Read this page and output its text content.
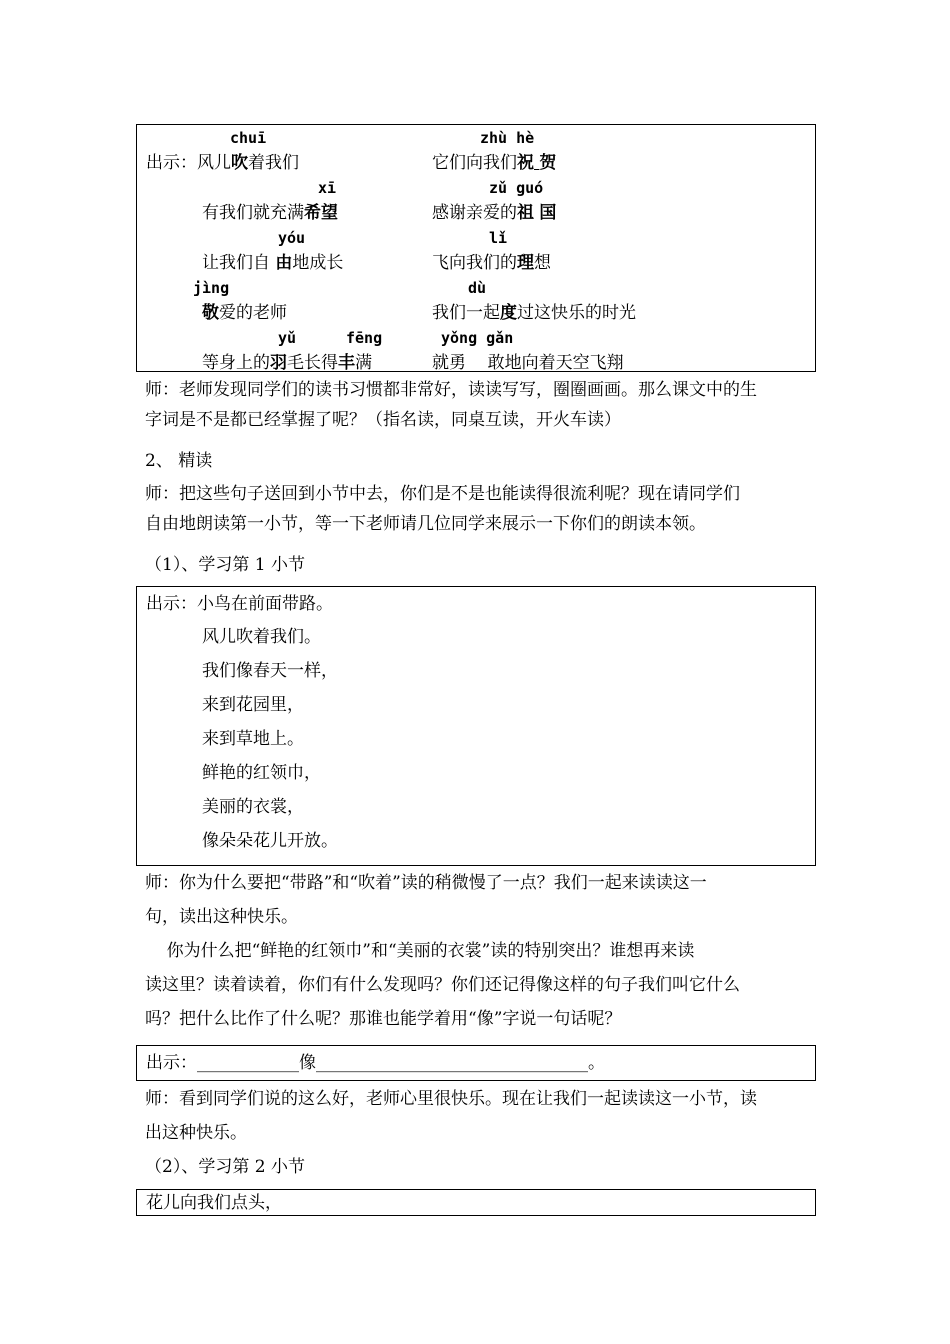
chuī	zhù hè
出示：风儿吹着我们	它们向我们祝 贺
xī	zǔ guó
有我们就充满希望	感谢亲爱的祖 国
yóu	lǐ
让我们自 由地成长	飞向我们的理想
jìng	dù
敬爱的老师	我们一起度过这快乐的时光
yǔ	fēng	yǒng gǎn
等身上的羽毛长得丰满	就勇 敢地向着天空飞翔
师：老师发现同学们的读书习惯都非常好，读读写写，圈圈画画。那么课文中的生
字词是不是都已经掌握了呢？（指名读，同桌互读，开火车读）
2、 精读
师：把这些句子送回到小节中去，你们是不是也能读得很流利呢？现在请同学们
自由地朗读第一小节，等一下老师请几位同学来展示一下你们的朗读本领。
（1）、学习第 1 小节
出示：小鸟在前面带路。
风儿吹着我们。
我们像春天一样，
来到花园里，
来到草地上。
鲜艳的红领巾，
美丽的衣裳，
像朵朵花儿开放。
师：你为什么要把“带路”和“吹着”读的稍微慢了一点？我们一起来读读这一
句，读出这种快乐。
你为什么把“鲜艳的红领巾”和“美丽的衣裳”读的特别突出？谁想再来读
读这里？读着读着，你们有什么发现吗？你们还记得像这样的句子我们叫它什么
吗？把什么比作了什么呢？那谁也能学着用“像”字说一句话呢？
出示：____________像________________________________。
师：看到同学们说的这么好，老师心里很快乐。现在让我们一起读读这一小节，读
出这种快乐。
（2）、学习第 2 小节
花儿向我们点头，
